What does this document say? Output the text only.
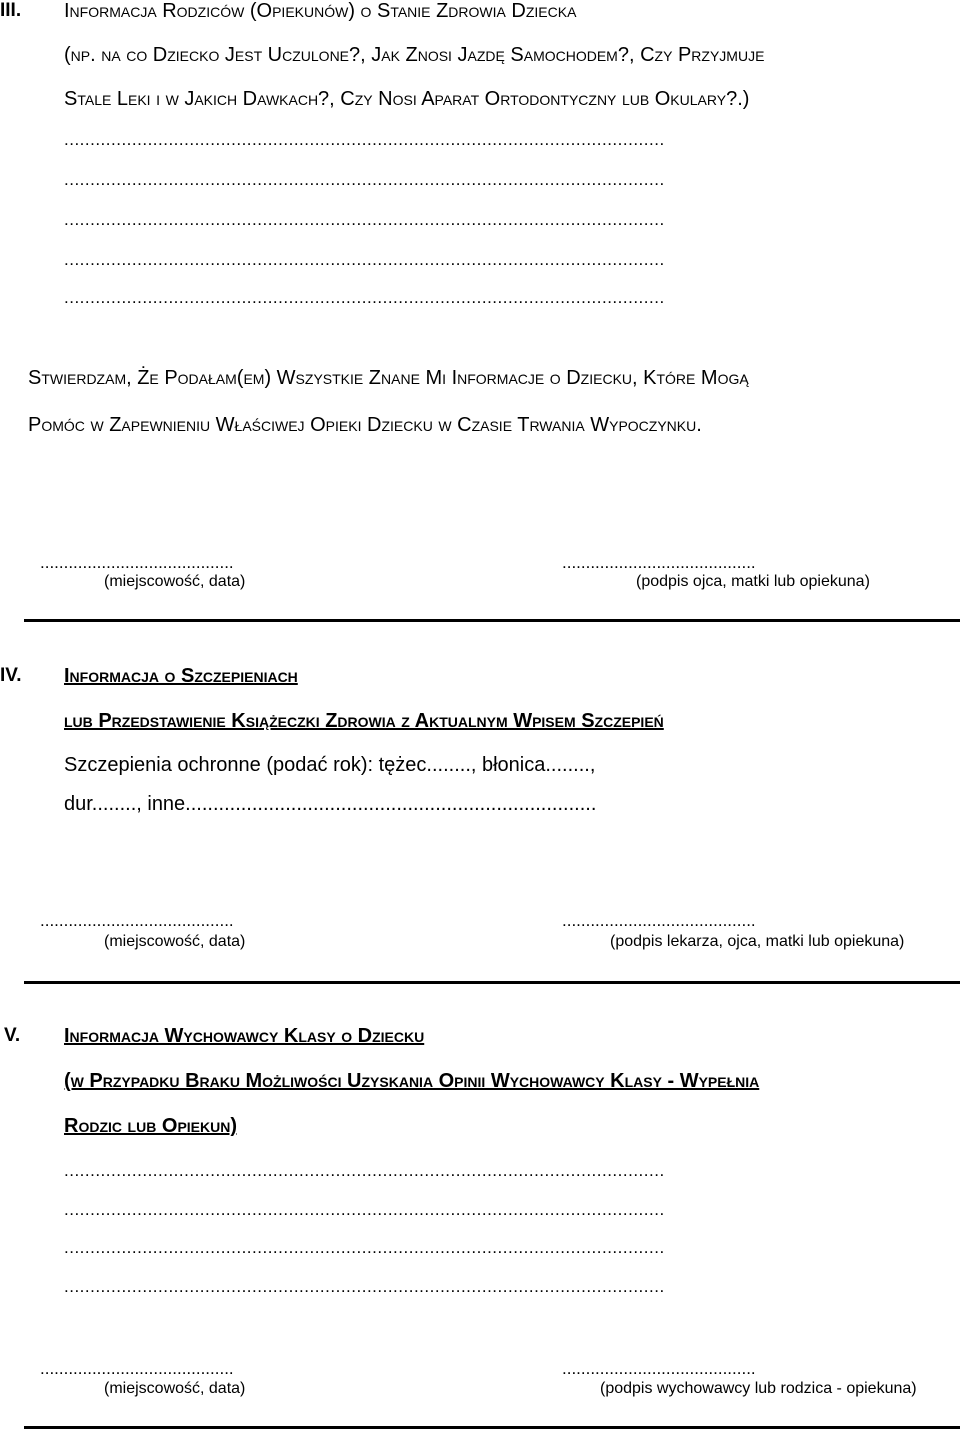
III. Informacja Rodziców (Opiekunów) o Stanie Zdrowia Dziecka
(np. na co Dziecko Jest Uczulone?, Jak Znosi Jazdę Samochodem?, Czy Przyjmuje
Stale Leki i w Jakich Dawkach?, Czy Nosi Aparat Ortodontyczny lub Okulary?.)
...................................................................................................................
...................................................................................................................
...................................................................................................................
...................................................................................................................
...................................................................................................................
Stwierdzam, Że Podałam(em) Wszystkie Znane Mi Informacje o Dziecku, Które Mogą
Pomóc w Zapewnieniu Właściwej Opieki Dziecku w Czasie Trwania Wypoczynku.
.........................................
(miejscowość, data)
.........................................
(podpis ojca, matki lub opiekuna)
IV. Informacja o Szczepieniach
lub Przedstawienie Książeczki Zdrowia z Aktualnym Wpisem Szczepień
Szczepienia ochronne (podać rok): tężec........, błonica........,
dur........, inne..........................................................................
.........................................
(miejscowość, data)
.........................................
(podpis lekarza, ojca, matki lub opiekuna)
V. Informacja Wychowawcy Klasy o Dziecku
(w Przypadku Braku Możliwości Uzyskania Opinii Wychowawcy Klasy - Wypełnia
Rodzic lub Opiekun)
...................................................................................................................
...................................................................................................................
...................................................................................................................
...................................................................................................................
.........................................
(miejscowość, data)
.........................................
(podpis wychowawcy lub rodzica - opiekuna)
